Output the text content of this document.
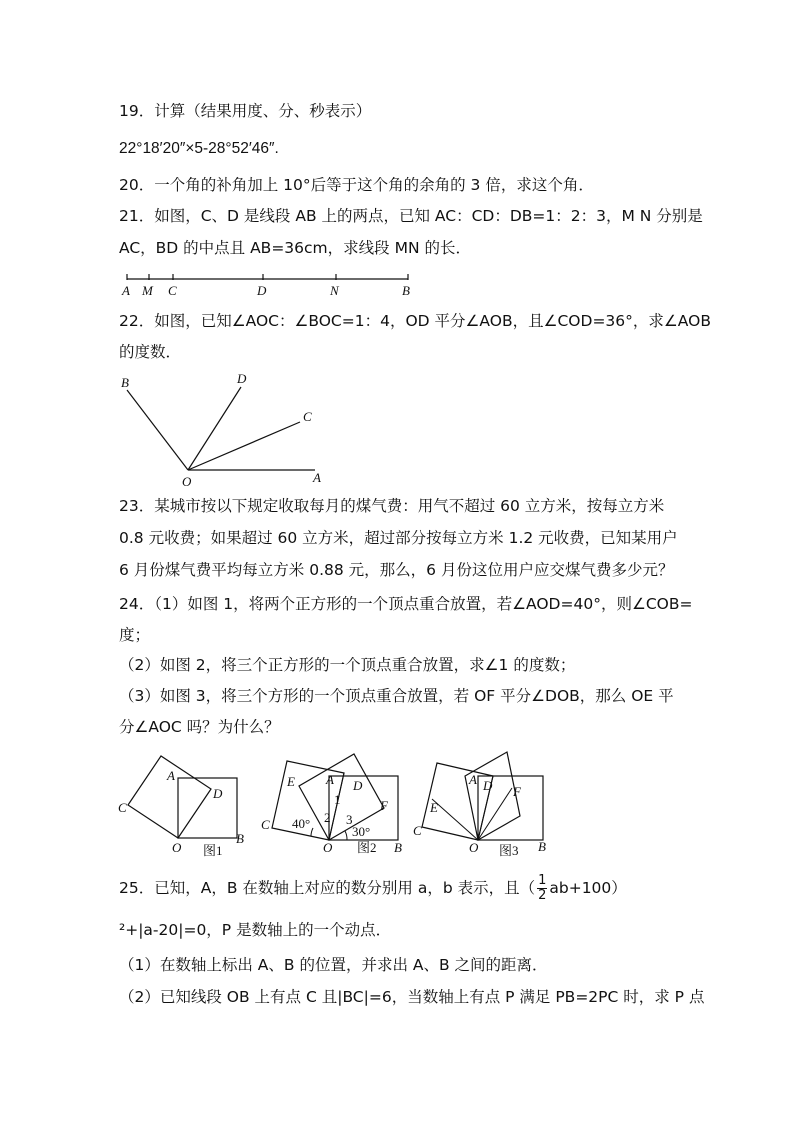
19．计算（结果用度、分、秒表示）
22°18′20″×5-28°52′46″.
20．一个角的补角加上 10°后等于这个角的余角的 3 倍，求这个角．
21．如图，C、D 是线段 AB 上的两点，已知 AC：CD：DB=1：2：3，M N 分别是
AC，BD 的中点且 AB=36cm，求线段 MN 的长．
A M C	D	N	B
22．如图，已知∠AOC：∠BOC=1：4，OD 平分∠AOB，且∠COD=36°，求∠AOB
的度数．
B	D
C
O	A
23．某城市按以下规定收取每月的煤气费：用气不超过 60 立方米，按每立方米
0.8 元收费；如果超过 60 立方米，超过部分按每立方米 1.2 元收费，已知某用户
6 月份煤气费平均每立方米 0.88 元，那么，6 月份这位用户应交煤气费多少元？
24．（1）如图 1，将两个正方形的一个顶点重合放置，若∠AOD=40°，则∠COB=
度；
（2）如图 2，将三个正方形的一个顶点重合放置，求∠1 的度数；
（3）如图 3，将三个方形的一个顶点重合放置，若 OF 平分∠DOB，那么 OE 平
分∠AOC 吗？为什么？
A
C
D
O
B
图1
E A D
F
C
O	B
1
2 3
40°
30°
图2
A D F
E
C
O	B
图3
25．已知，A，B 在数轴上对应的数分别用 a，b 表示，且（ $\frac{1}{2} ab+100$）
²+|a-20|=0，P 是数轴上的一个动点．
（1）在数轴上标出 A、B 的位置，并求出 A、B 之间的距离．
（2）已知线段 OB 上有点 C 且|BC|=6，当数轴上有点 P 满足 PB=2PC 时，求 P 点
